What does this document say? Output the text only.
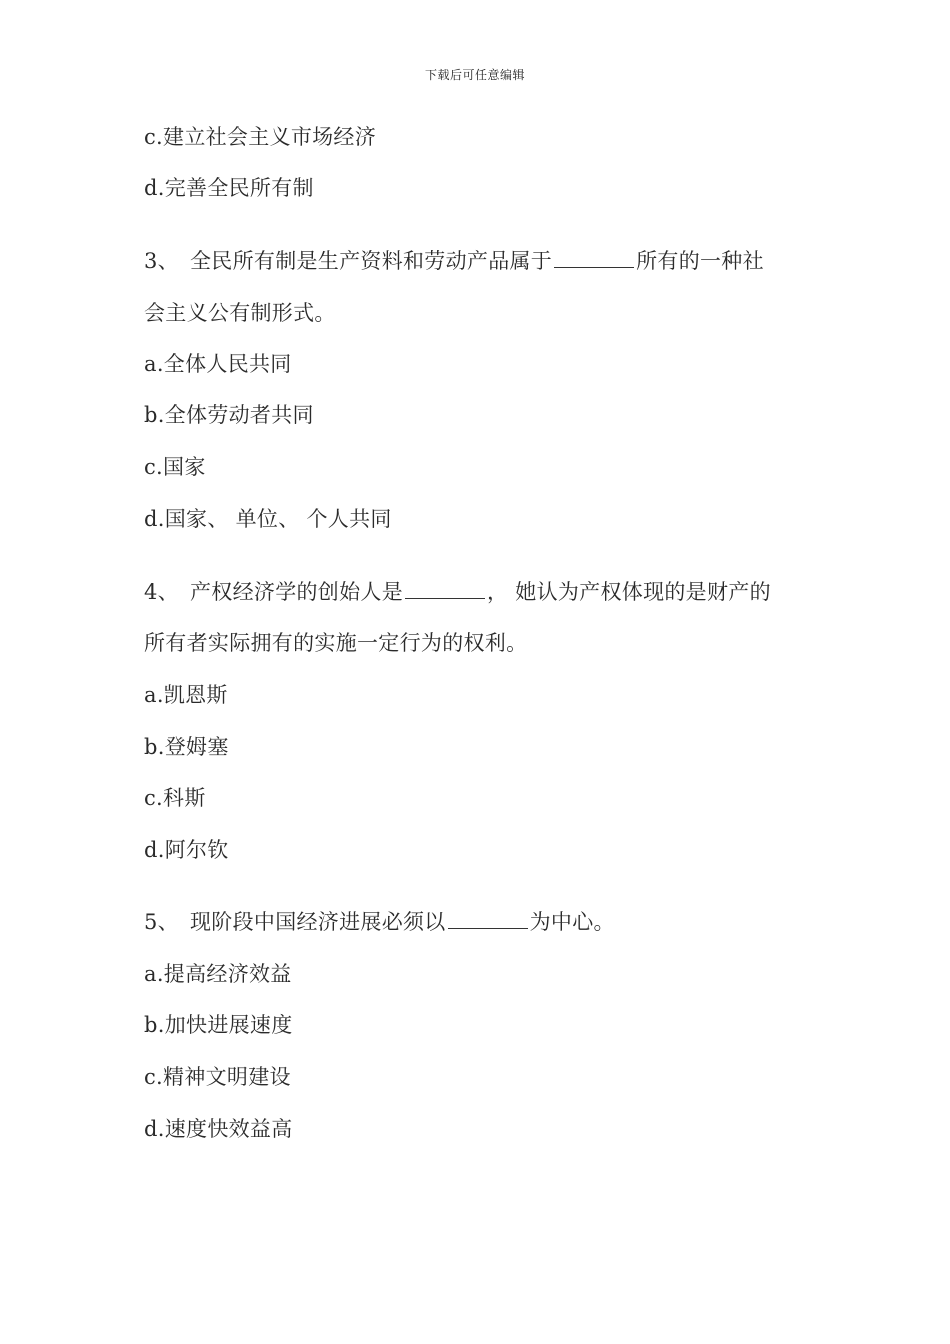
下载后可任意编辑
c.建立社会主义市场经济
d.完善全民所有制
3、 全民所有制是生产资料和劳动产品属于	所有的一种社
会主义公有制形式。
a.全体人民共同
b.全体劳动者共同
c.国家
d.国家、 单位、 个人共同
4、 产权经济学的创始人是	， 她认为产权体现的是财产的
所有者实际拥有的实施一定行为的权利。
a.凯恩斯
b.登姆塞
c.科斯
d.阿尔钦
5、 现阶段中国经济进展必须以	为中心。
a.提高经济效益
b.加快进展速度
c.精神文明建设
d.速度快效益高
